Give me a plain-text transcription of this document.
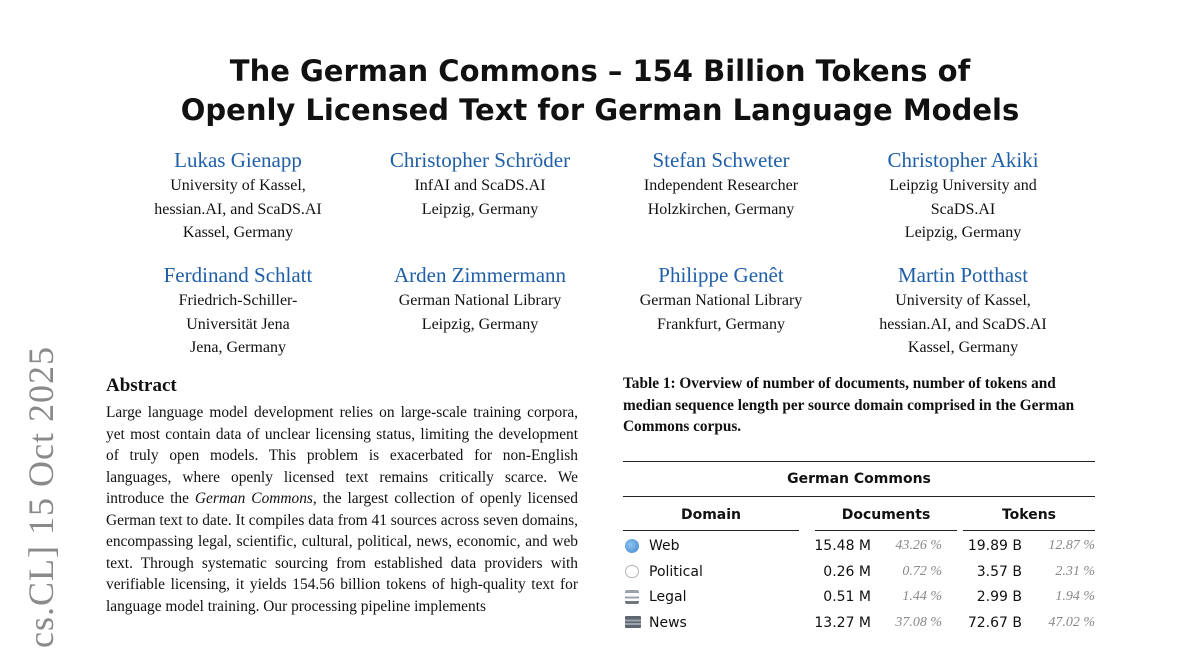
cs.CL] 15 Oct 2025
The German Commons – 154 Billion Tokens of
Openly Licensed Text for German Language Models
Lukas Gienapp
University of Kassel,
hessian.AI, and ScaDS.AI
Kassel, Germany
Christopher Schröder
InfAI and ScaDS.AI
Leipzig, Germany
Stefan Schweter
Independent Researcher
Holzkirchen, Germany
Christopher Akiki
Leipzig University and
ScaDS.AI
Leipzig, Germany
Ferdinand Schlatt
Friedrich-Schiller-
Universität Jena
Jena, Germany
Arden Zimmermann
German National Library
Leipzig, Germany
Philippe Genêt
German National Library
Frankfurt, Germany
Martin Potthast
University of Kassel,
hessian.AI, and ScaDS.AI
Kassel, Germany
Abstract

Large language model development relies on large-scale training corpora, yet most contain data of unclear licensing status, limiting the development of truly open models. This problem is exacerbated for non-English languages, where openly licensed text remains critically scarce. We introduce the German Commons, the largest collection of openly licensed German text to date. It compiles data from 41 sources across seven domains, encompassing legal, scientific, cultural, political, news, economic, and web text. Through systematic sourcing from established data providers with verifiable licensing, it yields 154.56 billion tokens of high-quality text for language model training. Our processing pipeline implements

Table 1: Overview of number of documents, number of tokens and median sequence length per source domain comprised in the German Commons corpus.
German Commons
Domain	Documents	Tokens
Web	15.48 M 43.26 % 19.89 B 12.87 %
Political	0.26 M 0.72 % 3.57 B 2.31 %
Legal	0.51 M 1.44 % 2.99 B 1.94 %
News	13.27 M 37.08 % 72.67 B 47.02 %
